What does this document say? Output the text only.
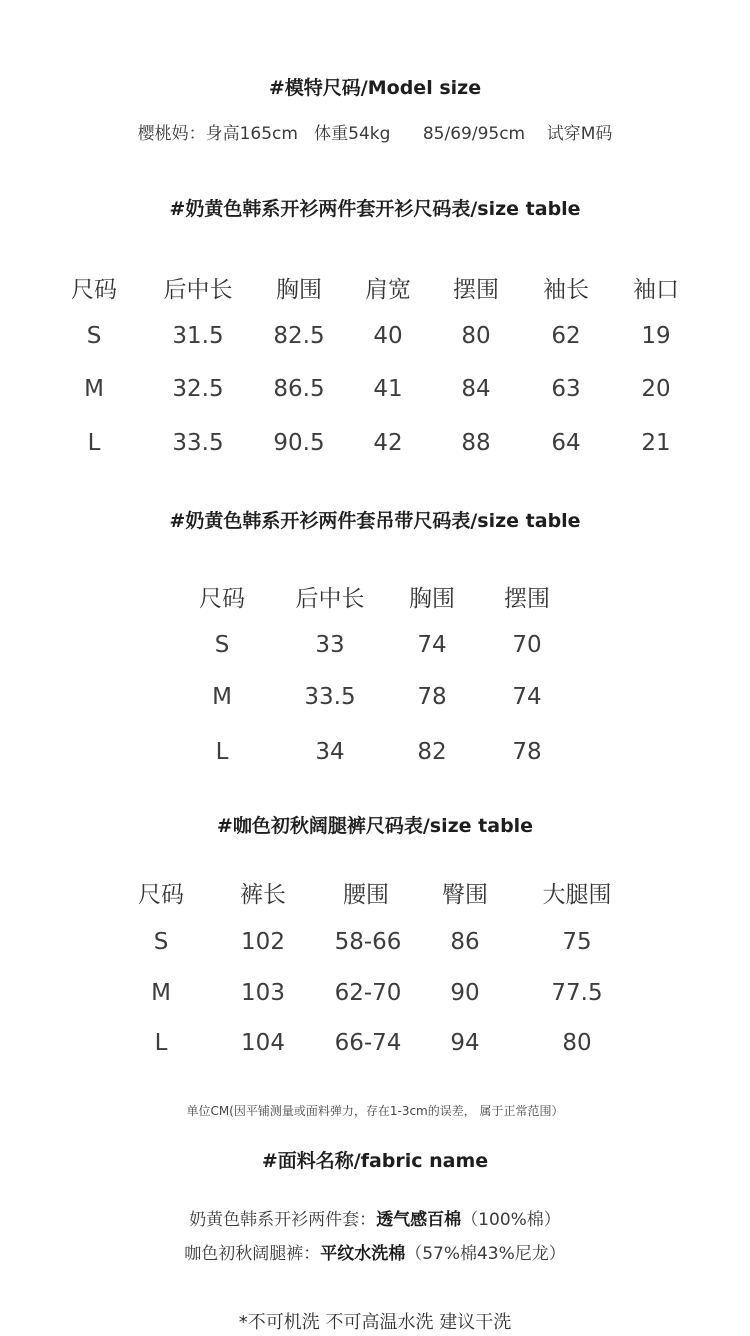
#模特尺码/Model size
樱桃妈：身高165cm   体重54kg      85/69/95cm    试穿M码
#奶黄色韩系开衫两件套开衫尺码表/size table
尺码 后中长 胸围 肩宽 摆围 袖长 袖口
S	31.5 82.5 40	80	62	19
M	32.5 86.5 41	84	63	20
L	33.5 90.5 42	88	64	21
#奶黄色韩系开衫两件套吊带尺码表/size table
尺码 后中长 胸围 摆围
S	33	74	70
M	33.5	78	74
L	34	82	78
#咖色初秋阔腿裤尺码表/size table
尺码 裤长 腰围 臀围 大腿围
S	102 58-66 86	75
M	103 62-70 90	77.5
L	104 66-74 94	80
单位CM(因平铺测量或面料弹力，存在1-3cm的误差， 属于正常范围）
#面料名称/fabric name
奶黄色韩系开衫两件套：透气感百棉（100%棉）
咖色初秋阔腿裤：平纹水洗棉（57%棉43%尼龙）
*不可机洗 不可高温水洗 建议干洗
